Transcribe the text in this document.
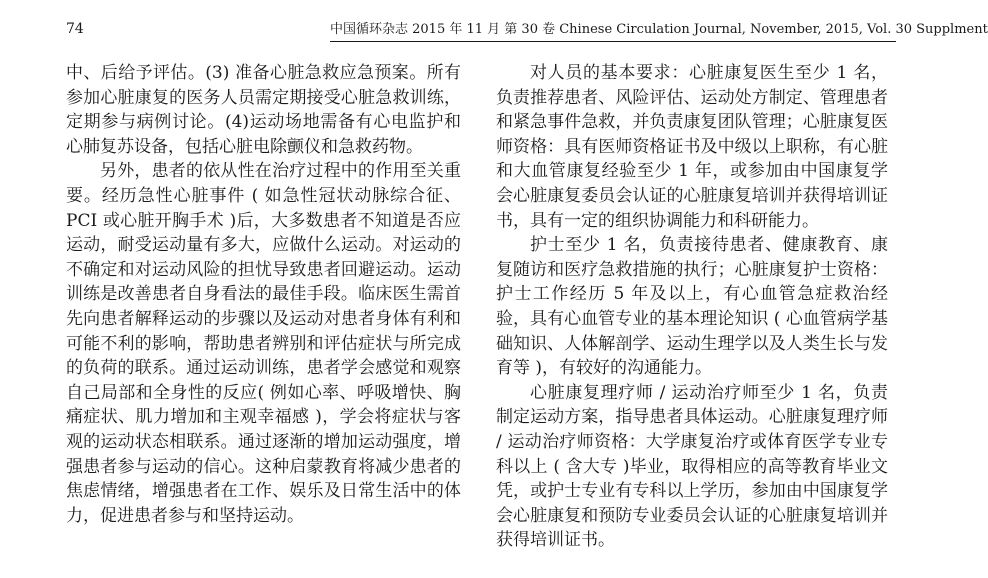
74	中国循环杂志 2015 年 11 月 第 30 卷 Chinese Circulation Journal, November, 2015, Vol. 30 Supplment

中、后给予评估。(3) 准备心脏急救应急预案。所有参加心脏康复的医务人员需定期接受心脏急救训练，定期参与病例讨论。(4)运动场地需备有心电监护和心肺复苏设备，包括心脏电除颤仪和急救药物。

另外，患者的依从性在治疗过程中的作用至关重要。经历急性心脏事件 ( 如急性冠状动脉综合征、PCI 或心脏开胸手术 )后，大多数患者不知道是否应运动，耐受运动量有多大，应做什么运动。对运动的不确定和对运动风险的担忧导致患者回避运动。运动训练是改善患者自身看法的最佳手段。临床医生需首先向患者解释运动的步骤以及运动对患者身体有利和可能不利的影响，帮助患者辨别和评估症状与所完成的负荷的联系。通过运动训练，患者学会感觉和观察自己局部和全身性的反应( 例如心率、呼吸增快、胸痛症状、肌力增加和主观幸福感 )，学会将症状与客观的运动状态相联系。通过逐渐的增加运动强度，增强患者参与运动的信心。这种启蒙教育将减少患者的焦虑情绪，增强患者在工作、娱乐及日常生活中的体力，促进患者参与和坚持运动。

对人员的基本要求：心脏康复医生至少 1 名，负责推荐患者、风险评估、运动处方制定、管理患者和紧急事件急救，并负责康复团队管理；心脏康复医师资格：具有医师资格证书及中级以上职称，有心脏和大血管康复经验至少 1 年，或参加由中国康复学会心脏康复委员会认证的心脏康复培训并获得培训证书，具有一定的组织协调能力和科研能力。

护士至少 1 名，负责接待患者、健康教育、康复随访和医疗急救措施的执行；心脏康复护士资格：护士工作经历 5 年及以上，有心血管急症救治经验，具有心血管专业的基本理论知识 ( 心血管病学基础知识、人体解剖学、运动生理学以及人类生长与发育等 )，有较好的沟通能力。

心脏康复理疗师 / 运动治疗师至少 1 名，负责制定运动方案，指导患者具体运动。心脏康复理疗师 / 运动治疗师资格：大学康复治疗或体育医学专业专科以上 ( 含大专 )毕业，取得相应的高等教育毕业文凭，或护士专业有专科以上学历，参加由中国康复学会心脏康复和预防专业委员会认证的心脏康复培训并获得培训证书。
